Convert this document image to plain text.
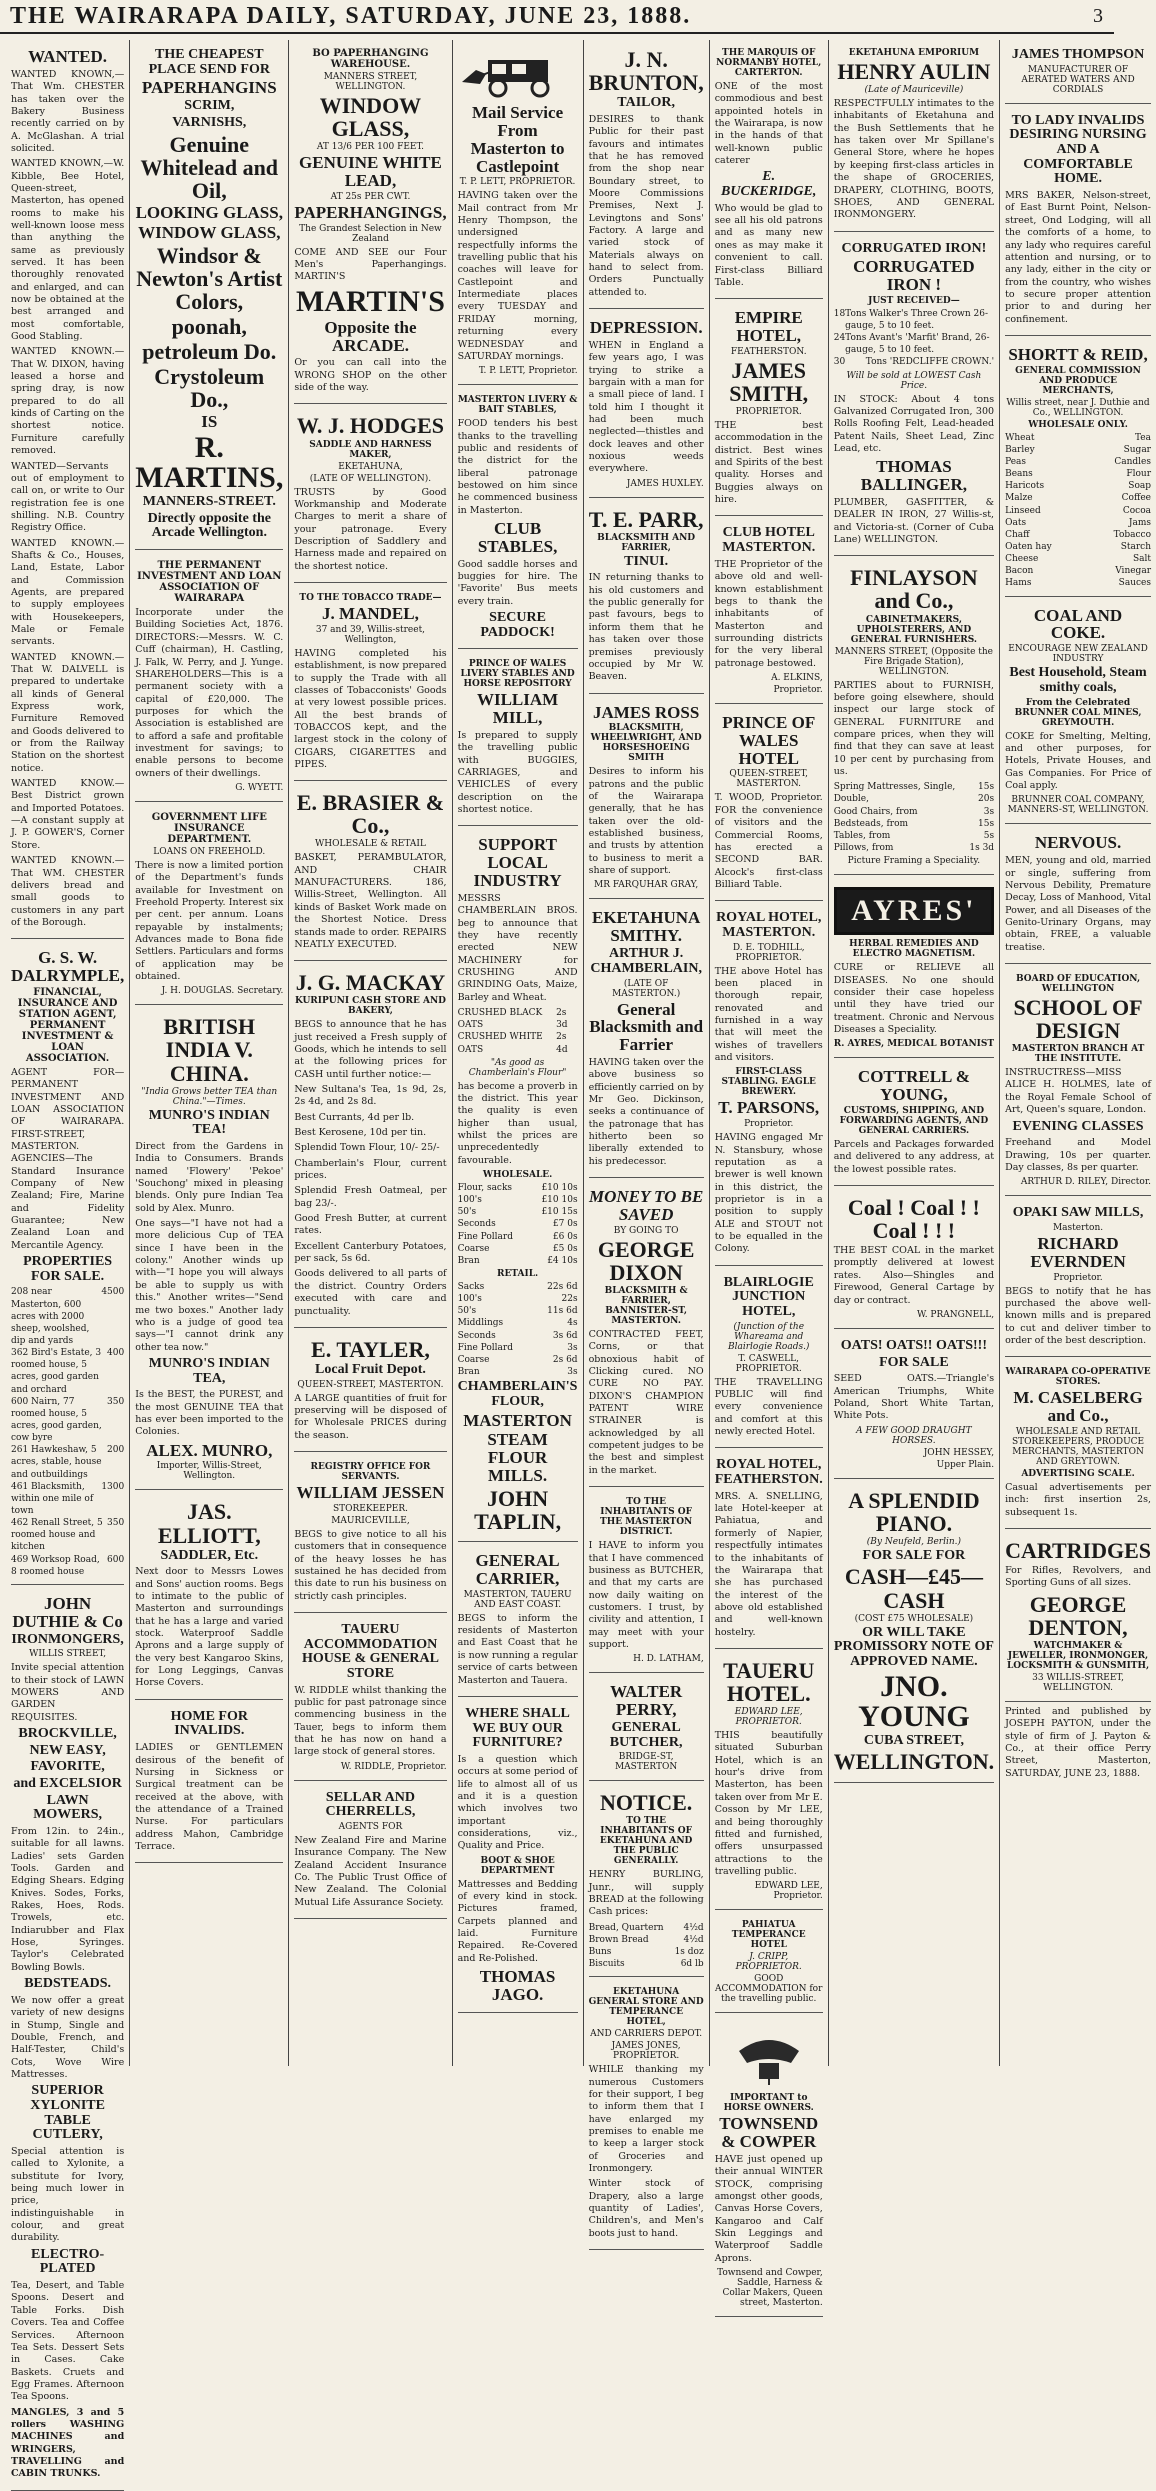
THE WAIRARAPA DAILY, SATURDAY, JUNE 23, 1888.	3
WANTED.

WANTED KNOWN,—That Wm. CHESTER has taken over the Bakery Business recently carried on by A. McGlashan. A trial solicited.

WANTED KNOWN,—W. Kibble, Bee Hotel, Queen-street, Masterton, has opened rooms to make his well-known loose mess than anything the same as previously served. It has been thoroughly renovated and enlarged, and can now be obtained at the best arranged and most comfortable, Good Stabling.

WANTED KNOWN.—That W. DIXON, having leased a horse and spring dray, is now prepared to do all kinds of Carting on the shortest notice. Furniture carefully removed.

WANTED—Servants out of employment to call on, or write to Our registration fee is one shilling. N.B. Country Registry Office.

WANTED KNOWN.—Shafts & Co., Houses, Land, Estate, Labor and Commission Agents, are prepared to supply employees with Housekeepers, Male or Female servants.

WANTED KNOWN.—That W. DALVELL is prepared to undertake all kinds of General Express work, Furniture Removed and Goods delivered to or from the Railway Station on the shortest notice.

WANTED KNOW.—Best District grown and Imported Potatoes.—A constant supply at J. P. GOWER'S, Corner Store.

WANTED KNOWN.—That WM. CHESTER delivers bread and small goods to customers in any part of the Borough.

G. S. W. DALRYMPLE,
FINANCIAL, INSURANCE AND STATION AGENT, PERMANENT INVESTMENT & LOAN ASSOCIATION.

AGENT FOR— PERMANENT INVESTMENT AND LOAN ASSOCIATION OF WAIRARAPA. FIRST-STREET, MASTERTON. AGENCIES—The Standard Insurance Company of New Zealand; Fire, Marine and Fidelity Guarantee; New Zealand Loan and Mercantile Agency.

PROPERTIES FOR SALE.
208 near Masterton, 600 acres with 2000 sheep, woolshed, dip and yards
4500
362 Bird's Estate, 3 roomed house, 5 acres, good garden and orchard
400
600 Nairn, 77 roomed house, 5 acres, good garden, cow byre
350
261 Hawkeshaw, 5 acres, stable, house and outbuildings
200
461 Blacksmith, within one mile of town
1300
462 Renall Street, 5 roomed house and kitchen
350
469 Worksop Road, 8 roomed house
600
JOHN DUTHIE & Co
IRONMONGERS,
WILLIS STREET,

Invite special attention to their stock of LAWN MOWERS AND GARDEN REQUISITES.

BROCKVILLE,
NEW EASY,
FAVORITE,
and EXCELSIOR
LAWN MOWERS,

From 12in. to 24in., suitable for all lawns. Ladies' sets Garden Tools. Garden and Edging Shears. Edging Knives. Sodes, Forks, Rakes, Hoes, Rods. Trowels, etc. Indiarubber and Flax Hose, Syringes. Taylor's Celebrated Bowling Bowls.

BEDSTEADS.

We now offer a great variety of new designs in Stump, Single and Double, French, and Half-Tester, Child's Cots, Wove Wire Mattresses.

SUPERIOR XYLONITE TABLE CUTLERY,

Special attention is called to Xylonite, a substitute for Ivory, being much lower in price, indistinguishable in colour, and great durability.

ELECTRO-PLATED

Tea, Desert, and Table Spoons. Desert and Table Forks. Dish Covers. Tea and Coffee Services. Afternoon Tea Sets. Dessert Sets in Cases. Cake Baskets. Cruets and Egg Frames. Afternoon Tea Spoons.

MANGLES, 3 and 5 rollers WASHING MACHINES and WRINGERS, TRAVELLING and CABIN TRUNKS.

THE CHEAPEST PLACE SEND FOR
PAPERHANGINS
SCRIM,
VARNISHS,
Genuine Whitelead and Oil,
LOOKING GLASS,
WINDOW GLASS,
Windsor & Newton's Artist Colors,
poonah,
petroleum Do.
Crystoleum Do.,
IS
R. MARTINS,
MANNERS-STREET.
Directly opposite the Arcade Wellington.
THE PERMANENT INVESTMENT AND LOAN ASSOCIATION OF WAIRARAPA

Incorporate under the Building Societies Act, 1876. DIRECTORS:—Messrs. W. C. Cuff (chairman), H. Castling, J. Falk, W. Perry, and J. Yunge. SHAREHOLDERS—This is a permanent society with a capital of £20,000. The purposes for which the Association is established are to afford a safe and profitable investment for savings; to enable persons to become owners of their dwellings.

G. WYETT.
GOVERNMENT LIFE INSURANCE DEPARTMENT.
LOANS ON FREEHOLD.

There is now a limited portion of the Department's funds available for Investment on Freehold Property. Interest six per cent. per annum. Loans repayable by instalments; Advances made to Bona fide Settlers. Particulars and forms of application may be obtained.

J. H. DOUGLAS. Secretary.
BRITISH INDIA V. CHINA.
"India Grows better TEA than China."—Times.
MUNRO'S INDIAN TEA!

Direct from the Gardens in India to Consumers. Brands named 'Flowery' 'Pekoe' 'Souchong' mixed in pleasing blends. Only pure Indian Tea sold by Alex. Munro.

One says—"I have not had a more delicious Cup of TEA since I have been in the colony." Another winds up with—"I hope you will always be able to supply us with this." Another writes—"Send me two boxes." Another lady who is a judge of good tea says—"I cannot drink any other tea now."

MUNRO'S INDIAN TEA,

Is the BEST, the PUREST, and the most GENUINE TEA that has ever been imported to the Colonies.

ALEX. MUNRO,
Importer, Willis-Street, Wellington.
JAS. ELLIOTT,
SADDLER, Etc.

Next door to Messrs Lowes and Sons' auction rooms. Begs to intimate to the public of Masterton and surroundings that he has a large and varied stock. Waterproof Saddle Aprons and a large supply of the very best Kangaroo Skins, for Long Leggings, Canvas Horse Covers.

HOME FOR INVALIDS.

LADIES or GENTLEMEN desirous of the benefit of Nursing in Sickness or Surgical treatment can be received at the above, with the attendance of a Trained Nurse. For particulars address Mahon, Cambridge Terrace.

BO PAPERHANGING WAREHOUSE.
MANNERS STREET, WELLINGTON.
WINDOW GLASS,
AT 13/6 PER 100 FEET.
GENUINE WHITE LEAD,
AT 25s PER CWT.
PAPERHANGINGS,
The Grandest Selection in New Zealand

COME AND SEE our Four Men's Paperhangings. MARTIN'S

MARTIN'S
Opposite the ARCADE.

Or you can call into the WRONG SHOP on the other side of the way.

W. J. HODGES
SADDLE AND HARNESS MAKER,
EKETAHUNA,
(LATE OF WELLINGTON).

TRUSTS by Good Workmanship and Moderate Charges to merit a share of your patronage. Every Description of Saddlery and Harness made and repaired on the shortest notice.

TO THE TOBACCO TRADE—
J. MANDEL,
37 and 39, Willis-street, Wellington,

HAVING completed his establishment, is now prepared to supply the Trade with all classes of Tobacconists' Goods at very lowest possible prices. All the best brands of TOBACCOS kept, and the largest stock in the colony of CIGARS, CIGARETTES and PIPES.

E. BRASIER & Co.,
WHOLESALE & RETAIL

BASKET, PERAMBULATOR, AND CHAIR MANUFACTURERS. 186, Willis-Street, Wellington. All kinds of Basket Work made on the Shortest Notice. Dress stands made to order. REPAIRS NEATLY EXECUTED.

J. G. MACKAY
KURIPUNI CASH STORE AND BAKERY,

BEGS to announce that he has just received a Fresh supply of Goods, which he intends to sell at the following prices for CASH until further notice:—

New Sultana's Tea, 1s 9d, 2s, 2s 4d, and 2s 8d.

Best Currants, 4d per lb.

Best Kerosene, 10d per tin.

Splendid Town Flour, 10/- 25/-

Chamberlain's Flour, current prices.

Splendid Fresh Oatmeal, per bag 23/-.

Good Fresh Butter, at current rates.

Excellent Canterbury Potatoes, per sack, 5s 6d.

Goods delivered to all parts of the district. Country Orders executed with care and punctuality.

E. TAYLER,
Local Fruit Depot.
QUEEN-STREET, MASTERTON.

A LARGE quantities of fruit for preserving will be disposed of for Wholesale PRICES during the season.

REGISTRY OFFICE FOR SERVANTS.
WILLIAM JESSEN
STOREKEEPER.
MAURICEVILLE,

BEGS to give notice to all his customers that in consequence of the heavy losses he has sustained he has decided from this date to run his business on strictly cash principles.

TAUERU ACCOMMODATION HOUSE & GENERAL STORE

W. RIDDLE whilst thanking the public for past patronage since commencing business in the Tauer, begs to inform them that he has now on hand a large stock of general stores.

W. RIDDLE, Proprietor.
SELLAR AND CHERRELLS,
AGENTS FOR

New Zealand Fire and Marine Insurance Company. The New Zealand Accident Insurance Co. The Public Trust Office of New Zealand. The Colonial Mutual Life Assurance Society.

Mail Service From Masterton to Castlepoint
T. P. LETT, PROPRIETOR.

HAVING taken over the Mail contract from Mr Henry Thompson, the undersigned respectfully informs the travelling public that his coaches will leave for Castlepoint and Intermediate places every TUESDAY and FRIDAY morning, returning every WEDNESDAY and SATURDAY mornings.

T. P. LETT, Proprietor.
MASTERTON LIVERY & BAIT STABLES,

FOOD tenders his best thanks to the travelling public and residents of the district for the liberal patronage bestowed on him since he commenced business in Masterton.

CLUB STABLES,

Good saddle horses and buggies for hire. The 'Favorite' Bus meets every train.

SECURE PADDOCK!
PRINCE OF WALES LIVERY STABLES AND HORSE REPOSITORY
WILLIAM MILL,

Is prepared to supply the travelling public with BUGGIES, CARRIAGES, and VEHICLES of every description on the shortest notice.

SUPPORT LOCAL INDUSTRY

MESSRS CHAMBERLAIN BROS. beg to announce that they have recently erected NEW MACHINERY for CRUSHING AND GRINDING Oats, Maize, Barley and Wheat.

CRUSHED BLACK OATS
2s 3d
CRUSHED WHITE OATS
2s 4d
"As good as Chamberlain's Flour"

has become a proverb in the district. This year the quality is even higher than usual, whilst the prices are unprecedentedly favourable.

WHOLESALE.
Flour, sacks	£10 10s
100's	£10 10s
50's	£10 15s
Seconds	£7 0s
Fine Pollard	£6 0s
Coarse	£5 0s
Bran	£4 10s
RETAIL.
Sacks	22s 6d
100's	22s
50's	11s 6d
Middlings	4s
Seconds	3s 6d
Fine Pollard	3s
Coarse	2s 6d
Bran	3s
CHAMBERLAIN'S FLOUR,
MASTERTON
STEAM FLOUR MILLS.
JOHN TAPLIN,
GENERAL CARRIER,
MASTERTON, TAUERU AND EAST COAST.

BEGS to inform the residents of Masterton and East Coast that he is now running a regular service of carts between Masterton and Tauera.

WHERE SHALL WE BUY OUR FURNITURE?

Is a question which occurs at some period of life to almost all of us and it is a question which involves two important considerations, viz., Quality and Price.

BOOT & SHOE DEPARTMENT

Mattresses and Bedding of every kind in stock. Pictures framed, Carpets planned and laid. Furniture Repaired. Re-Covered and Re-Polished.

THOMAS JAGO.
J. N. BRUNTON,
TAILOR,

DESIRES to thank Public for their past favours and intimates that he has removed from the shop near Boundary street, to Moore Commissions Premises, Next J. Levingtons and Sons' Factory. A large and varied stock of Materials always on hand to select from. Orders Punctually attended to.

DEPRESSION.

WHEN in England a few years ago, I was trying to strike a bargain with a man for a small piece of land. I told him I thought it had been much neglected—thistles and dock leaves and other noxious weeds everywhere.

JAMES HUXLEY.
T. E. PARR,
BLACKSMITH AND FARRIER,
TINUI.

IN returning thanks to his old customers and the public generally for past favours, begs to inform them that he has taken over those premises previously occupied by Mr W. Beaven.

JAMES ROSS
BLACKSMITH, WHEELWRIGHT, AND HORSESHOEING SMITH

Desires to inform his patrons and the public of the Wairarapa generally, that he has taken over the old-established business, and trusts by attention to business to merit a share of support.

MR FARQUHAR GRAY,
EKETAHUNA SMITHY.
ARTHUR J. CHAMBERLAIN,
(LATE OF MASTERTON.)
General Blacksmith and Farrier

HAVING taken over the above business so efficiently carried on by Mr Geo. Dickinson, seeks a continuance of the patronage that has hitherto been so liberally extended to his predecessor.

MONEY TO BE SAVED
BY GOING TO
GEORGE DIXON
BLACKSMITH & FARRIER, BANNISTER-ST, MASTERTON.

CONTRACTED FEET, Corns, or that obnoxious habit of Clicking cured. NO CURE NO PAY. DIXON'S CHAMPION PATENT WIRE STRAINER is acknowledged by all competent judges to be the best and simplest in the market.

TO THE INHABITANTS OF THE MASTERTON DISTRICT.

I HAVE to inform you that I have commenced business as BUTCHER, and that my carts are now daily waiting on customers. I trust, by civility and attention, I may meet with your support.

H. D. LATHAM,
WALTER PERRY,
GENERAL BUTCHER,
BRIDGE-ST, MASTERTON
NOTICE.
TO THE INHABITANTS OF EKETAHUNA AND THE PUBLIC GENERALLY.

HENRY BURLING, Junr., will supply BREAD at the following Cash prices:

Bread, Quartern 4½d
Brown Bread	4½d
Buns	1s doz
Biscuits	6d lb
EKETAHUNA GENERAL STORE AND TEMPERANCE HOTEL,
AND CARRIERS DEPOT.
JAMES JONES, PROPRIETOR.

WHILE thanking my numerous Customers for their support, I beg to inform them that I have enlarged my premises to enable me to keep a larger stock of Groceries and Ironmongery.

Winter stock of Drapery, also a large quantity of Ladies', Children's, and Men's boots just to hand.

THE MARQUIS OF NORMANBY HOTEL, CARTERTON.

ONE of the most commodious and best appointed hotels in the Wairarapa, is now in the hands of that well-known public caterer

E. BUCKERIDGE,

Who would be glad to see all his old patrons and as many new ones as may make it convenient to call. First-class Billiard Table.

EMPIRE HOTEL,
FEATHERSTON.
JAMES SMITH,
PROPRIETOR.

THE best accommodation in the district. Best wines and Spirits of the best quality. Horses and Buggies always on hire.

CLUB HOTEL MASTERTON.

THE Proprietor of the above old and well-known establishment begs to thank the inhabitants of Masterton and surrounding districts for the very liberal patronage bestowed.

A. ELKINS,
Proprietor.
PRINCE OF WALES HOTEL
QUEEN-STREET, MASTERTON.

T. WOOD, Proprietor. FOR the convenience of visitors and the Commercial Rooms, has erected a SECOND BAR. Alcock's first-class Billiard Table.

ROYAL HOTEL, MASTERTON.
D. E. TODHILL, PROPRIETOR.

THE above Hotel has been placed in thorough repair, renovated and furnished in a way that will meet the wishes of travellers and visitors.

FIRST-CLASS STABLING. EAGLE BREWERY.
T. PARSONS,
Proprietor.

HAVING engaged Mr N. Stansbury, whose reputation as a brewer is well known in this district, the proprietor is in a position to supply ALE and STOUT not to be equalled in the Colony.

BLAIRLOGIE JUNCTION HOTEL,
(Junction of the Whareama and Blairlogie Roads.)
T. CASWELL, PROPRIETOR.

THE TRAVELLING PUBLIC will find every convenience and comfort at this newly erected Hotel.

ROYAL HOTEL, FEATHERSTON.

MRS. A. SNELLING, late Hotel-keeper at Pahiatua, and formerly of Napier, respectfully intimates to the inhabitants of the Wairarapa that she has purchased the interest of the above old established and well-known hostelry.

TAUERU HOTEL.
EDWARD LEE, PROPRIETOR.

THIS beautifully situated Suburban Hotel, which is an hour's drive from Masterton, has been taken over from Mr E. Cosson by Mr LEE, and being thoroughly fitted and furnished, offers unsurpassed attractions to the travelling public.

EDWARD LEE, Proprietor.
PAHIATUA TEMPERANCE HOTEL
J. CRIPP, PROPRIETOR.
GOOD ACCOMMODATION for the travelling public.
IMPORTANT to HORSE OWNERS.
TOWNSEND & COWPER

HAVE just opened up their annual WINTER STOCK, comprising amongst other goods, Canvas Horse Covers, Kangaroo and Calf Skin Leggings and Waterproof Saddle Aprons.

Townsend and Cowper, Saddle, Harness & Collar Makers, Queen street, Masterton.
EKETAHUNA EMPORIUM
HENRY AULIN
(Late of Mauriceville)

RESPECTFULLY intimates to the inhabitants of Eketahuna and the Bush Settlements that he has taken over Mr Spillane's General Store, where he hopes by keeping first-class articles in the shape of GROCERIES, DRAPERY, CLOTHING, BOOTS, SHOES, AND GENERAL IRONMONGERY.

CORRUGATED IRON!
CORRUGATED IRON !
JUST RECEIVED—
18 Tons Walker's Three Crown 26-gauge, 5 to 10 feet.
24 Tons Avant's 'Marfit' Brand, 26-gauge, 5 to 10 feet.
30 Tons 'REDCLIFFE CROWN.'
Will be sold at LOWEST Cash Price.

IN STOCK: About 4 tons Galvanized Corrugated Iron, 300 Rolls Roofing Felt, Lead-headed Patent Nails, Sheet Lead, Zinc Lead, etc.

THOMAS BALLINGER,

PLUMBER, GASFITTER, & DEALER IN IRON, 27 Willis-st, and Victoria-st. (Corner of Cuba Lane) WELLINGTON.

FINLAYSON and Co.,
CABINETMAKERS, UPHOLSTERERS, AND GENERAL FURNISHERS.
MANNERS STREET, (Opposite the Fire Brigade Station), WELLINGTON.

PARTIES about to FURNISH, before going elsewhere, should inspect our large stock of GENERAL FURNITURE and compare prices, when they will find that they can save at least 10 per cent by purchasing from us.

Spring Mattresses, Single,	15s
Double,	20s
Good Chairs, from	3s
Bedsteads, from	15s
Tables, from	5s
Pillows, from	1s 3d
Picture Framing a Speciality.
AYRES'
HERBAL REMEDIES AND ELECTRO MAGNETISM.

CURE or RELIEVE all DISEASES. No one should consider their case hopeless until they have tried our treatment. Chronic and Nervous Diseases a Speciality.

R. AYRES, MEDICAL BOTANIST
COTTRELL & YOUNG,
CUSTOMS, SHIPPING, AND FORWARDING AGENTS, AND GENERAL CARRIERS.

Parcels and Packages forwarded and delivered to any address, at the lowest possible rates.

Coal ! Coal ! ! Coal ! ! !

THE BEST COAL in the market promptly delivered at lowest rates. Also—Shingles and Firewood, General Cartage by day or contract.

W. PRANGNELL,
OATS! OATS!! OATS!!!
FOR SALE

SEED OATS.—Triangle's American Triumphs, White Poland, Short White Tartan, White Pots.

A FEW GOOD DRAUGHT HORSES.
JOHN HESSEY,
Upper Plain.
A SPLENDID PIANO.
(By Neufeld, Berlin.)
FOR SALE FOR
CASH—£45—CASH
(COST £75 WHOLESALE)
OR WILL TAKE PROMISSORY NOTE OF APPROVED NAME.
JNO. YOUNG
CUBA STREET,
WELLINGTON.
JAMES THOMPSON
MANUFACTURER OF AERATED WATERS AND CORDIALS
TO LADY INVALIDS DESIRING NURSING AND A COMFORTABLE HOME.

MRS BAKER, Nelson-street, of East Burnt Point, Nelson-street, Ond Lodging, will all the comforts of a home, to any lady who requires careful attention and nursing, or to any lady, either in the city or from the country, who wishes to secure proper attention prior to and during her confinement.

SHORTT & REID,
GENERAL COMMISSION AND PRODUCE MERCHANTS,
Willis street, near J. Duthie and Co., WELLINGTON.
WHOLESALE ONLY.
Wheat	Tea
Barley	Sugar
Peas	Candles
Beans	Flour
Haricots	Soap
Malze	Coffee
Linseed	Cocoa
Oats	Jams
Chaff	Tobacco
Oaten hay	Starch
Cheese	Salt
Bacon	Vinegar
Hams	Sauces
COAL AND COKE.
ENCOURAGE NEW ZEALAND INDUSTRY
Best Household, Steam smithy coals,
From the Celebrated BRUNNER COAL MINES, GREYMOUTH.

COKE for Smelting, Melting, and other purposes, for Hotels, Private Houses, and Gas Companies. For Price of Coal apply.

BRUNNER COAL COMPANY, MANNERS-ST, WELLINGTON.
NERVOUS.

MEN, young and old, married or single, suffering from Nervous Debility, Premature Decay, Loss of Manhood, Vital Power, and all Diseases of the Genito-Urinary Organs, may obtain, FREE, a valuable treatise.

BOARD OF EDUCATION, WELLINGTON
SCHOOL OF DESIGN
MASTERTON BRANCH AT THE INSTITUTE.

INSTRUCTRESS—MISS ALICE H. HOLMES, late of the Royal Female School of Art, Queen's square, London.

EVENING CLASSES

Freehand and Model Drawing, 10s per quarter. Day classes, 8s per quarter.

ARTHUR D. RILEY, Director.
OPAKI SAW MILLS,
Masterton.
RICHARD EVERNDEN
Proprietor.

BEGS to notify that he has purchased the above well-known mills and is prepared to cut and deliver timber to order of the best description.

WAIRARAPA CO-OPERATIVE STORES.
M. CASELBERG and Co.,
WHOLESALE AND RETAIL STOREKEEPERS, PRODUCE MERCHANTS, MASTERTON AND GREYTOWN.
ADVERTISING SCALE.

Casual advertisements per inch: first insertion 2s, subsequent 1s.

CARTRIDGES

For Rifles, Revolvers, and Sporting Guns of all sizes.

GEORGE DENTON,
WATCHMAKER & JEWELLER, IRONMONGER, LOCKSMITH & GUNSMITH,
33 WILLIS-STREET, WELLINGTON.

Printed and published by JOSEPH PAYTON, under the style of firm of J. Payton & Co., at their office Perry Street, Masterton, SATURDAY, JUNE 23, 1888.
